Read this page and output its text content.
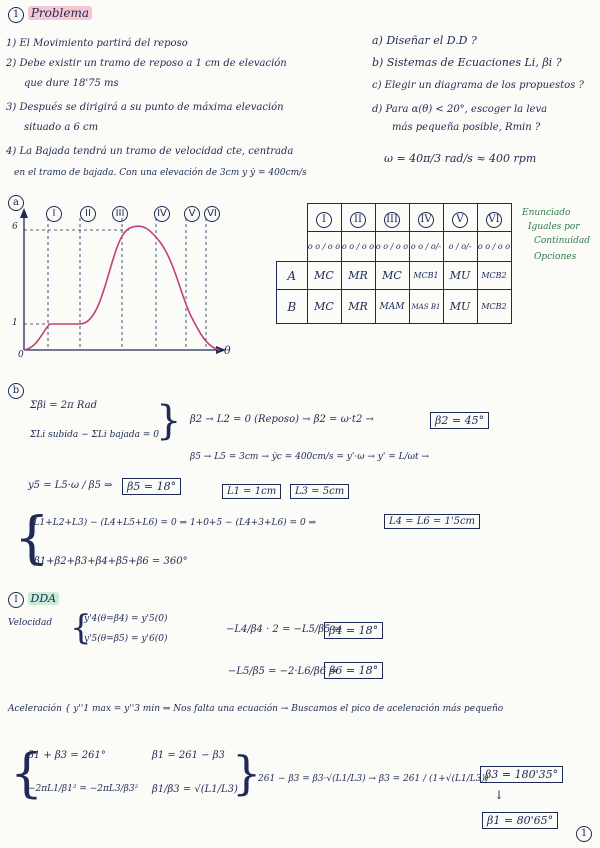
1 Problema
1) El Movimiento partirá del reposo
2) Debe existir un tramo de reposo a 1 cm de elevación
que dure 18'75 ms
3) Después se dirigirá a su punto de máxima elevación
situado a 6 cm
4) La Bajada tendrá un tramo de velocidad cte, centrada
en el tramo de bajada. Con una elevación de 3cm y ẏ = 400cm/s
a) Diseñar el D.D ?
b) Sistemas de Ecuaciones Li, βi ?
c) Elegir un diagrama de los propuestos ?
d) Para α(θ) < 20°, escoger la leva
más pequeña posible, Rmin ?
ω = 40π/3 rad/s ≈ 400 rpm
a
6
1
0	θ
I	II	III	IV	V	VI
	I	II	III	IV	V	VI
	o o / o o	o o / o o	o o / o o	o o / o/-	o / o/-	o o / o o
A	MC	MR	MC	MCB1	MU	MCB2
B	MC	MR	MAM	MAS B1	MU	MCB2
Enunciado
Iguales por
Continuidad
Opciones
b
Σβi = 2π Rad
ΣLi subida − ΣLi bajada = 0
} β2 → L2 = 0 (Reposo) → β2 = ω·t2 →	β2 = 45°
β5 → L5 = 3cm → ẏc = 400cm/s = y'·ω → y' = L/ωt →
y5 = L5·ω / β5 ⇒	β5 = 18°	L1 = 1cm	L3 = 5cm
{
(L1+L2+L3) − (L4+L5+L6) = 0 ⇒ 1+0+5 − (L4+3+L6) = 0 ⇒	L4 = L6 = 1'5cm
β1+β2+β3+β4+β5+β6 = 360°
I DDA
Velocidad {
y'4(θ=β4) = y'5(0)
y'5(θ=β5) = y'6(0)
−L4/β4 · 2 = −L5/β5 ⇒
β4 = 18°
−L5/β5 = −2·L6/β6 ⇒
β6 = 18°
Aceleración { y''1 max = y''3 min ⇒ Nos falta una ecuación → Buscamos el pico de aceleración más pequeño
{
β1 + β3 = 261°
−2πL1/β1² = −2πL3/β3²
β1 = 261 − β3
β1/β3 = √(L1/L3)
}
261 − β3 = β3·√(L1/L3) → β3 = 261 / (1+√(L1/L3))
β3 = 180'35°
↓
β1 = 80'65°
1
